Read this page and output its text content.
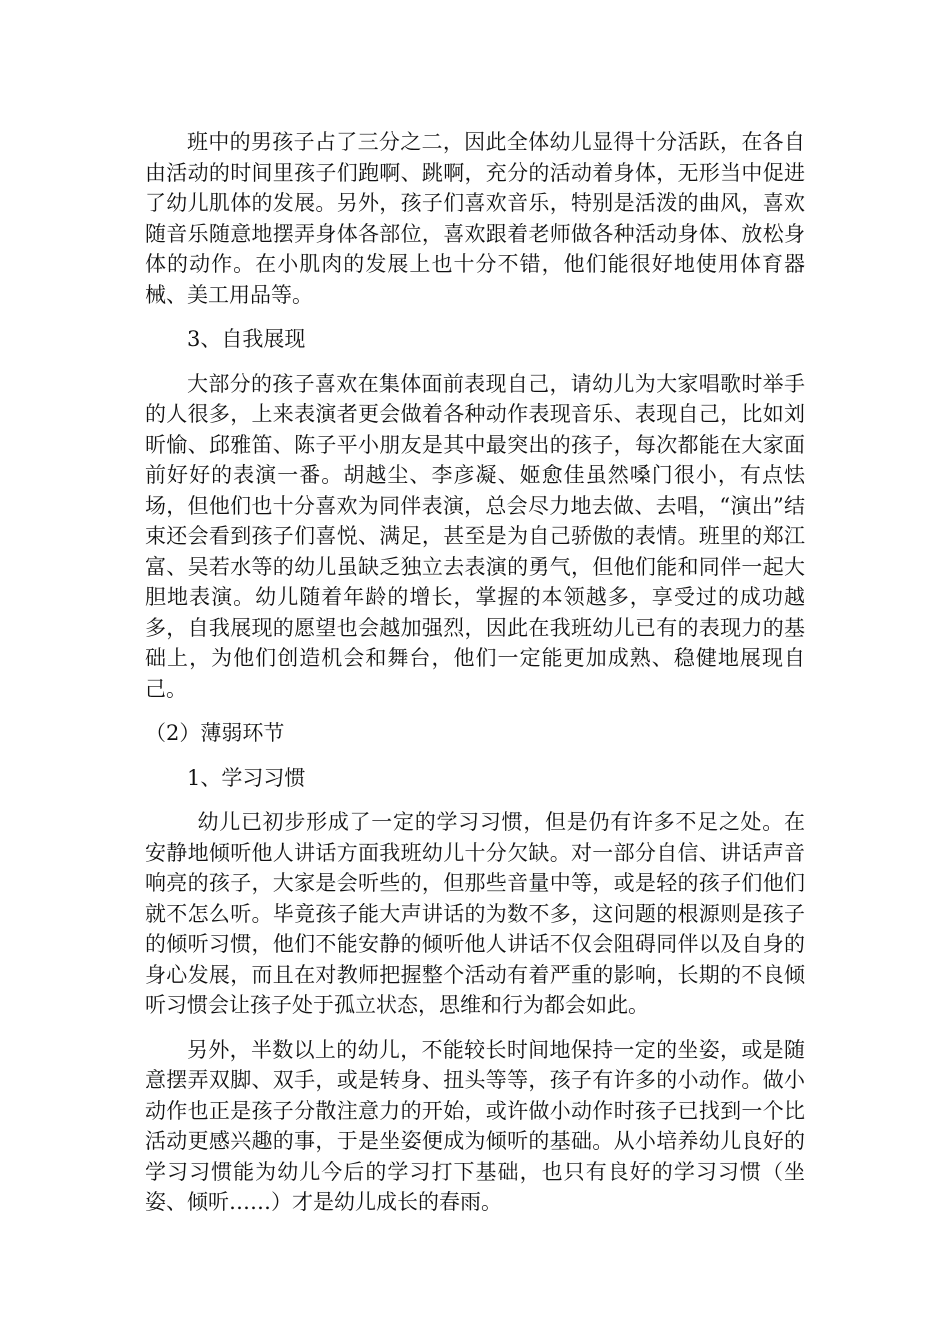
班中的男孩子占了三分之二，因此全体幼儿显得十分活跃，在各自由活动的时间里孩子们跑啊、跳啊，充分的活动着身体，无形当中促进了幼儿肌体的发展。另外，孩子们喜欢音乐，特别是活泼的曲风，喜欢随音乐随意地摆弄身体各部位，喜欢跟着老师做各种活动身体、放松身体的动作。在小肌肉的发展上也十分不错，他们能很好地使用体育器械、美工用品等。

3、自我展现

大部分的孩子喜欢在集体面前表现自己，请幼儿为大家唱歌时举手的人很多，上来表演者更会做着各种动作表现音乐、表现自己，比如刘昕愉、邱雅笛、陈子平小朋友是其中最突出的孩子，每次都能在大家面前好好的表演一番。胡越尘、李彦凝、姬愈佳虽然嗓门很小，有点怯场，但他们也十分喜欢为同伴表演，总会尽力地去做、去唱，“演出”结束还会看到孩子们喜悦、满足，甚至是为自己骄傲的表情。班里的郑江富、吴若水等的幼儿虽缺乏独立去表演的勇气，但他们能和同伴一起大胆地表演。幼儿随着年龄的增长，掌握的本领越多，享受过的成功越多，自我展现的愿望也会越加强烈，因此在我班幼儿已有的表现力的基础上，为他们创造机会和舞台，他们一定能更加成熟、稳健地展现自己。

（2）薄弱环节

1、学习习惯

幼儿已初步形成了一定的学习习惯，但是仍有许多不足之处。在安静地倾听他人讲话方面我班幼儿十分欠缺。对一部分自信、讲话声音响亮的孩子，大家是会听些的，但那些音量中等，或是轻的孩子们他们就不怎么听。毕竟孩子能大声讲话的为数不多，这问题的根源则是孩子的倾听习惯，他们不能安静的倾听他人讲话不仅会阻碍同伴以及自身的身心发展，而且在对教师把握整个活动有着严重的影响，长期的不良倾听习惯会让孩子处于孤立状态，思维和行为都会如此。

另外，半数以上的幼儿，不能较长时间地保持一定的坐姿，或是随意摆弄双脚、双手，或是转身、扭头等等，孩子有许多的小动作。做小动作也正是孩子分散注意力的开始，或许做小动作时孩子已找到一个比活动更感兴趣的事，于是坐姿便成为倾听的基础。从小培养幼儿良好的学习习惯能为幼儿今后的学习打下基础，也只有良好的学习习惯（坐姿、倾听……）才是幼儿成长的春雨。
